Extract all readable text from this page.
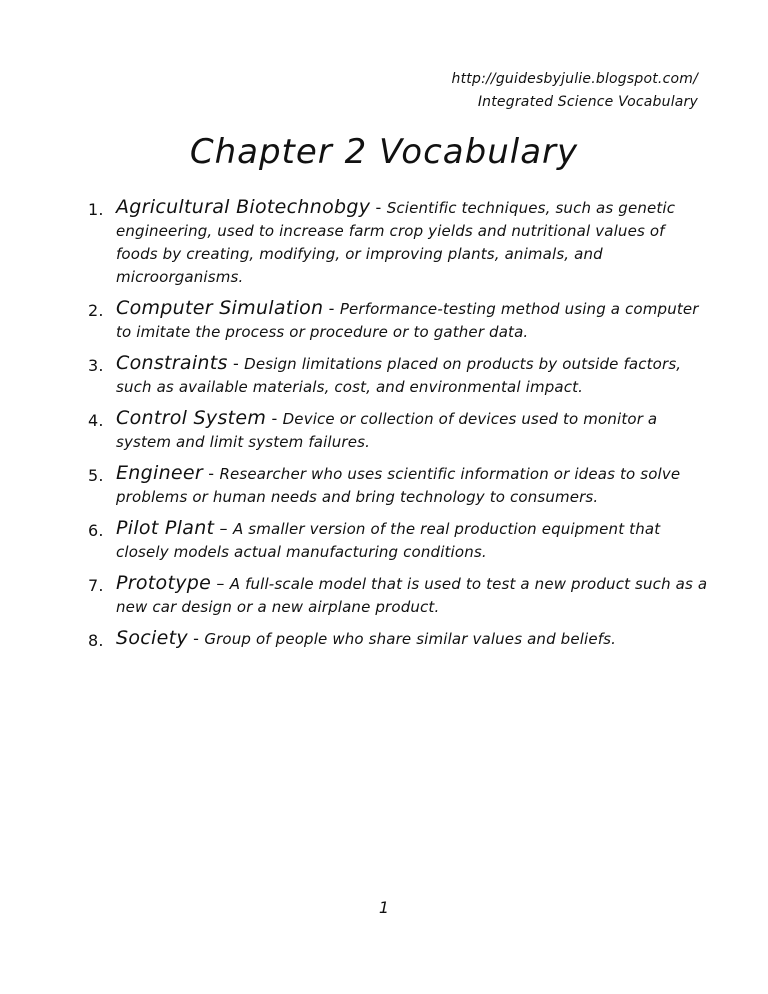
http://guidesbyjulie.blogspot.com/
Integrated Science Vocabulary
Chapter 2 Vocabulary
1. Agricultural Biotechnobgy - Scientific techniques, such as genetic engineering, used to increase farm crop yields and nutritional values of foods by creating, modifying, or improving plants, animals, and microorganisms.
2. Computer Simulation - Performance-testing method using a computer to imitate the process or procedure or to gather data.
3. Constraints - Design limitations placed on products by outside factors, such as available materials, cost, and environmental impact.
4. Control System - Device or collection of devices used to monitor a system and limit system failures.
5. Engineer - Researcher who uses scientific information or ideas to solve problems or human needs and bring technology to consumers.
6. Pilot Plant – A smaller version of the real production equipment that closely models actual manufacturing conditions.
7. Prototype – A full-scale model that is used to test a new product such as a new car design or a new airplane product.
8. Society - Group of people who share similar values and beliefs.
1
